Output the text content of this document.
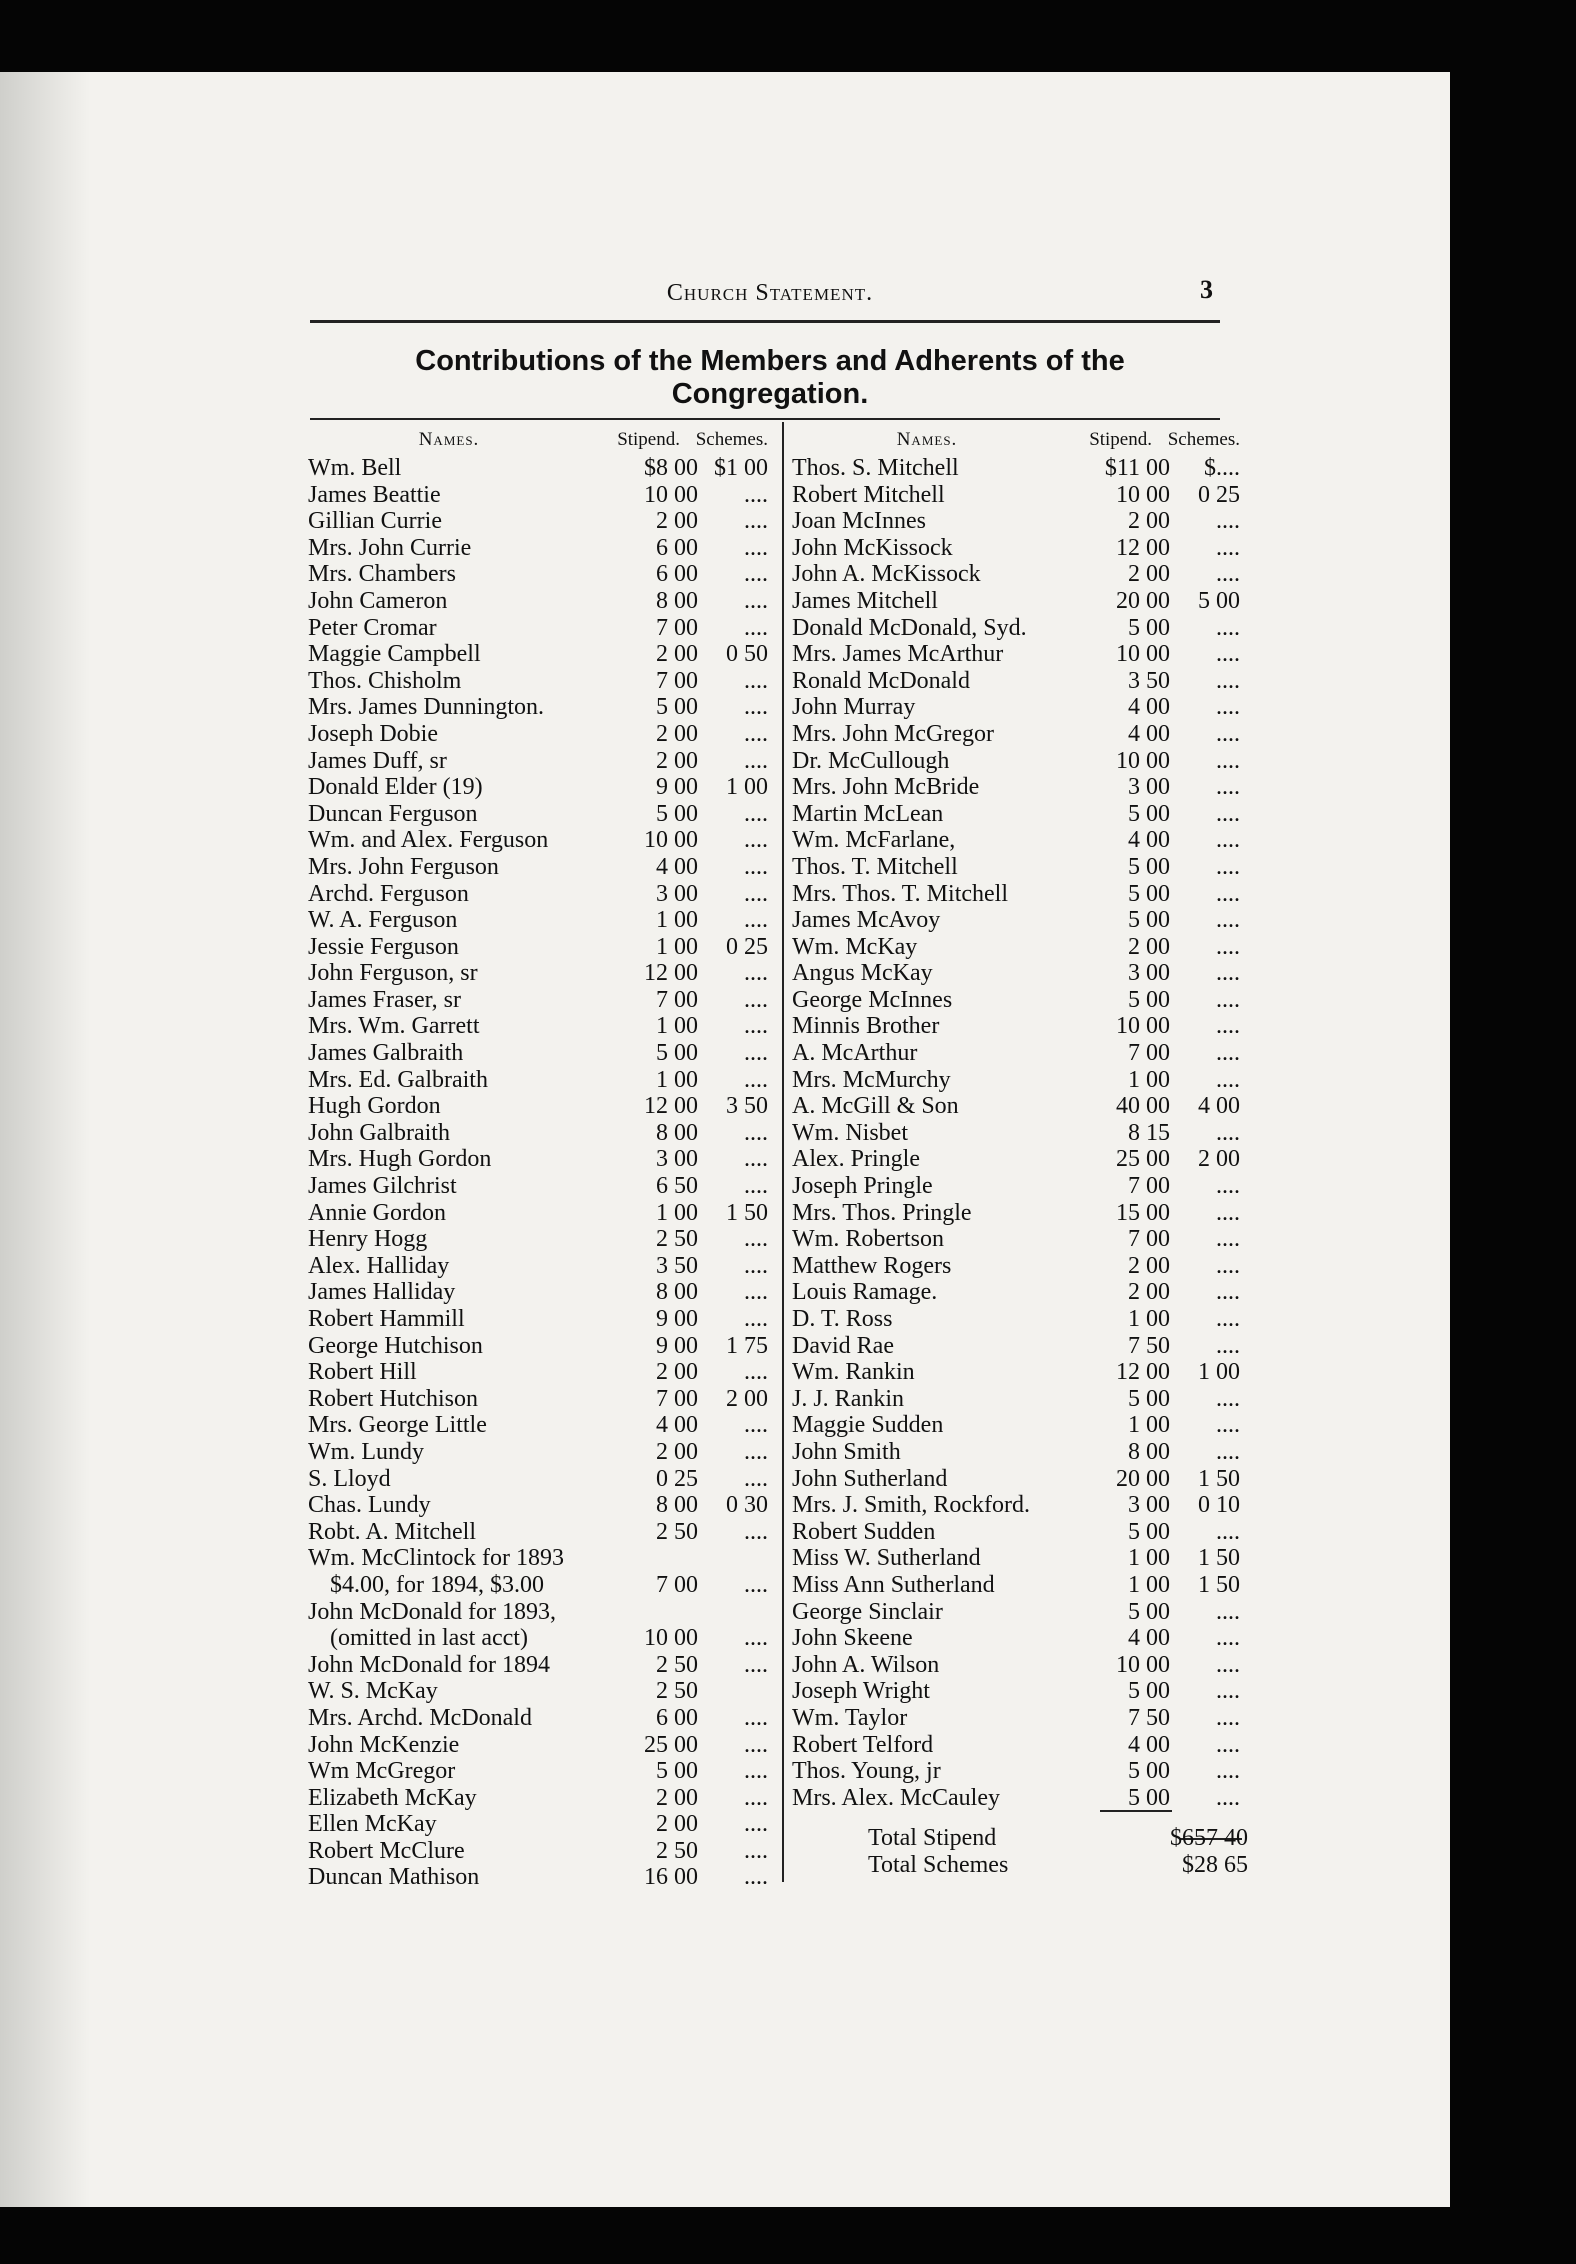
Church Statement.	3
Contributions of the Members and Adherents of the Congregation.
Names.	Stipend. Schemes.
Wm. Bell	$8 00 $1 00
James Beattie	10 00	....
Gillian Currie	2 00	....
Mrs. John Currie	6 00	....
Mrs. Chambers	6 00	....
John Cameron	8 00	....
Peter Cromar	7 00	....
Maggie Campbell	2 00	0 50
Thos. Chisholm	7 00	....
Mrs. James Dunnington.	5 00	....
Joseph Dobie	2 00	....
James Duff, sr	2 00	....
Donald Elder (19)	9 00	1 00
Duncan Ferguson	5 00	....
Wm. and Alex. Ferguson	10 00	....
Mrs. John Ferguson	4 00	....
Archd. Ferguson	3 00	....
W. A. Ferguson	1 00	....
Jessie Ferguson	1 00	0 25
John Ferguson, sr	12 00	....
James Fraser, sr	7 00	....
Mrs. Wm. Garrett	1 00	....
James Galbraith	5 00	....
Mrs. Ed. Galbraith	1 00	....
Hugh Gordon	12 00	3 50
John Galbraith	8 00	....
Mrs. Hugh Gordon	3 00	....
James Gilchrist	6 50	....
Annie Gordon	1 00	1 50
Henry Hogg	2 50	....
Alex. Halliday	3 50	....
James Halliday	8 00	....
Robert Hammill	9 00	....
George Hutchison	9 00	1 75
Robert Hill	2 00	....
Robert Hutchison	7 00	2 00
Mrs. George Little	4 00	....
Wm. Lundy	2 00	....
S. Lloyd	0 25	....
Chas. Lundy	8 00	0 30
Robt. A. Mitchell	2 50	....
Wm. McClintock for 1893
$4.00, for 1894, $3.00	7 00	....
John McDonald for 1893,
(omitted in last acct)	10 00	....
John McDonald for 1894	2 50	....
W. S. McKay	2 50
Mrs. Archd. McDonald	6 00	....
John McKenzie	25 00	....
Wm McGregor	5 00	....
Elizabeth McKay	2 00	....
Ellen McKay	2 00	....
Robert McClure	2 50	....
Duncan Mathison	16 00	....
Names.	Stipend. Schemes.
Thos. S. Mitchell	$11 00	$....
Robert Mitchell	10 00	0 25
Joan McInnes	2 00	....
John McKissock	12 00	....
John A. McKissock	2 00	....
James Mitchell	20 00	5 00
Donald McDonald, Syd.	5 00	....
Mrs. James McArthur	10 00	....
Ronald McDonald	3 50	....
John Murray	4 00	....
Mrs. John McGregor	4 00	....
Dr. McCullough	10 00	....
Mrs. John McBride	3 00	....
Martin McLean	5 00	....
Wm. McFarlane,	4 00	....
Thos. T. Mitchell	5 00	....
Mrs. Thos. T. Mitchell	5 00	....
James McAvoy	5 00	....
Wm. McKay	2 00	....
Angus McKay	3 00	....
George McInnes	5 00	....
Minnis Brother	10 00	....
A. McArthur	7 00	....
Mrs. McMurchy	1 00	....
A. McGill & Son	40 00	4 00
Wm. Nisbet	8 15	....
Alex. Pringle	25 00	2 00
Joseph Pringle	7 00	....
Mrs. Thos. Pringle	15 00	....
Wm. Robertson	7 00	....
Matthew Rogers	2 00	....
Louis Ramage.	2 00	....
D. T. Ross	1 00	....
David Rae	7 50	....
Wm. Rankin	12 00	1 00
J. J. Rankin	5 00	....
Maggie Sudden	1 00	....
John Smith	8 00	....
John Sutherland	20 00	1 50
Mrs. J. Smith, Rockford.	3 00	0 10
Robert Sudden	5 00	....
Miss W. Sutherland	1 00	1 50
Miss Ann Sutherland	1 00	1 50
George Sinclair	5 00	....
John Skeene	4 00	....
John A. Wilson	10 00	....
Joseph Wright	5 00	....
Wm. Taylor	7 50	....
Robert Telford	4 00	....
Thos. Young, jr	5 00	....
Mrs. Alex. McCauley	5 00	....
Total Stipend	$657 40
Total Schemes	$28 65
